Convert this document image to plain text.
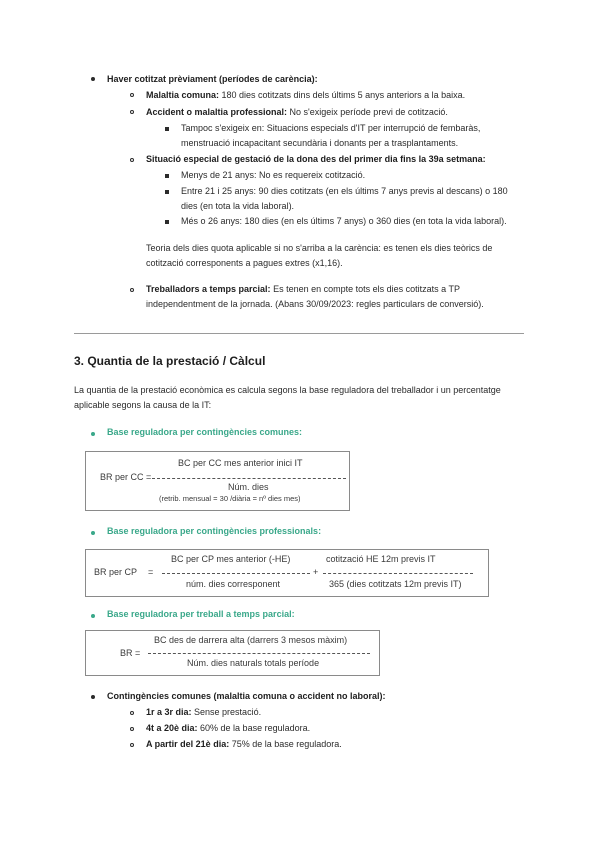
Haver cotitzat prèviament (períodes de carència):
Malaltia comuna: 180 dies cotitzats dins dels últims 5 anys anteriors a la baixa.
Accident o malaltia professional: No s'exigeix període previ de cotització.
Tampoc s'exigeix en: Situacions especials d'IT per interrupció de fembaràs,
menstruació incapacitant secundària i donants per a trasplantaments.
Situació especial de gestació de la dona des del primer dia fins la 39a setmana:
Menys de 21 anys: No es requereix cotització.
Entre 21 i 25 anys: 90 dies cotitzats (en els últims 7 anys previs al descans) o 180
dies (en tota la vida laboral).
Més o 26 anys: 180 dies (en els últims 7 anys) o 360 dies (en tota la vida laboral).
Teoria dels dies quota aplicable si no s'arriba a la carència: es tenen els dies teòrics de
cotització corresponents a pagues extres (x1,16).
Treballadors a temps parcial: Es tenen en compte tots els dies cotitzats a TP
independentment de la jornada. (Abans 30/09/2023: regles particulars de conversió).
3. Quantia de la prestació / Càlcul
La quantia de la prestació econòmica es calcula segons la base reguladora del treballador i un percentatge
aplicable segons la causa de la IT:
Base reguladora per contingències comunes:
BC per CC mes anterior inici IT
BR per CC =
Núm. dies
(retrib. mensual = 30 /diària = nº dies mes)
Base reguladora per contingències professionals:
BC per CP mes anterior (-HE)	cotització HE 12m previs IT
BR per CP =	+
núm. dies corresponent	365 (dies cotitzats 12m previs IT)
Base reguladora per treball a temps parcial:
BC des de darrera alta (darrers 3 mesos màxim)
BR =
Núm. dies naturals totals període
Contingències comunes (malaltia comuna o accident no laboral):
1r a 3r dia: Sense prestació.
4t a 20è dia: 60% de la base reguladora.
A partir del 21è dia: 75% de la base reguladora.
